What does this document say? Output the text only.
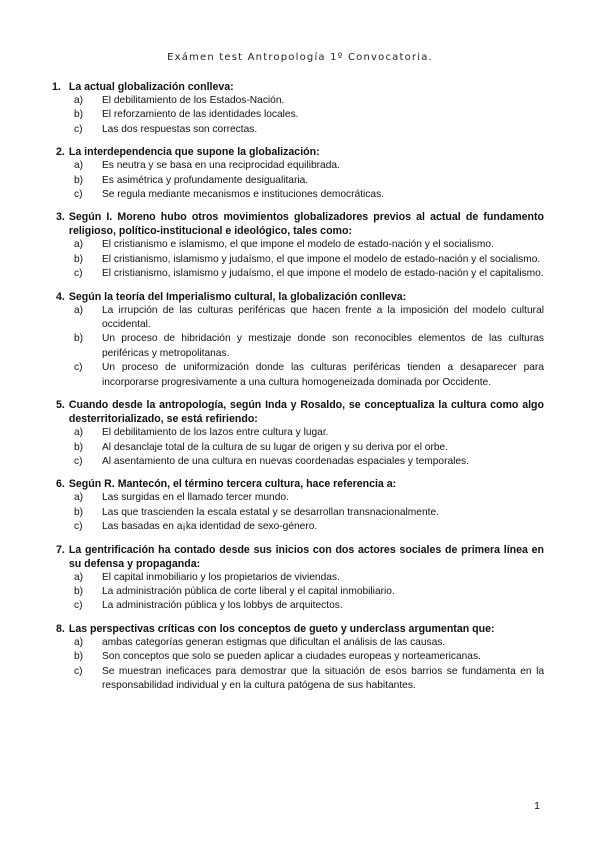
Exámen test Antropología 1º Convocatoria.
1. La actual globalización conlleva:
a)	El debilitamiento de los Estados-Nación.
b)	El reforzamiento de las identidades locales.
c)	Las dos respuestas son correctas.
2. La interdependencia que supone la globalización:
a)	Es neutra y se basa en una reciprocidad equilibrada.
b)	Es asimétrica y profundamente desigualitaria.
c)	Se regula mediante mecanismos e instituciones democráticas.
3. Según I. Moreno hubo otros movimientos globalizadores previos al actual de fundamento religioso, político-institucional e ideológico, tales como:
a)	El cristianismo e islamismo, el que impone el modelo de estado-nación y el socialismo.
b)	El cristianismo, islamismo y judaísmo, el que impone el modelo de estado-nación y el socialismo.
c)	El cristianismo, islamismo y judaísmo, el que impone el modelo de estado-nación y el capitalismo.
4. Según la teoría del Imperialismo cultural, la globalización conlleva:
a)	La irrupción de las culturas periféricas que hacen frente a la imposición del modelo cultural occidental.
b)	Un proceso de hibridación y mestizaje donde son reconocibles elementos de las culturas periféricas y metropolitanas.
c)	Un proceso de uniformización donde las culturas periféricas tienden a desaparecer para incorporarse progresivamente a una cultura homogeneizada dominada por Occidente.
5. Cuando desde la antropología, según Inda y Rosaldo, se conceptualiza la cultura como algo desterritorializado, se está refiriendo:
a)	El debilitamiento de los lazos entre cultura y lugar.
b)	Al desanclaje total de la cultura de su lugar de origen y su deriva por el orbe.
c)	Al asentamiento de una cultura en nuevas coordenadas espaciales y temporales.
6. Según R. Mantecón, el término tercera cultura, hace referencia a:
a)	Las surgidas en el llamado tercer mundo.
b)	Las que trascienden la escala estatal y se desarrollan transnacionalmente.
c)	Las basadas en a¡ka identidad de sexo-género.
7. La gentrificación ha contado desde sus inicios con dos actores sociales de primera línea en su defensa y propaganda:
a)	El capital inmobiliario y los propietarios de viviendas.
b)	La administración pública de corte liberal y el capital inmobiliario.
c)	La administración pública y los lobbys de arquitectos.
8. Las perspectivas críticas con los conceptos de gueto y underclass argumentan que:
a)	ambas categorías generan estigmas que dificultan el análisis de las causas.
b)	Son conceptos que solo se pueden aplicar a ciudades europeas y norteamericanas.
c)	Se muestran ineficaces para demostrar que la situación de esos barrios se fundamenta en la responsabilidad individual y en la cultura patógena de sus habitantes.
1
